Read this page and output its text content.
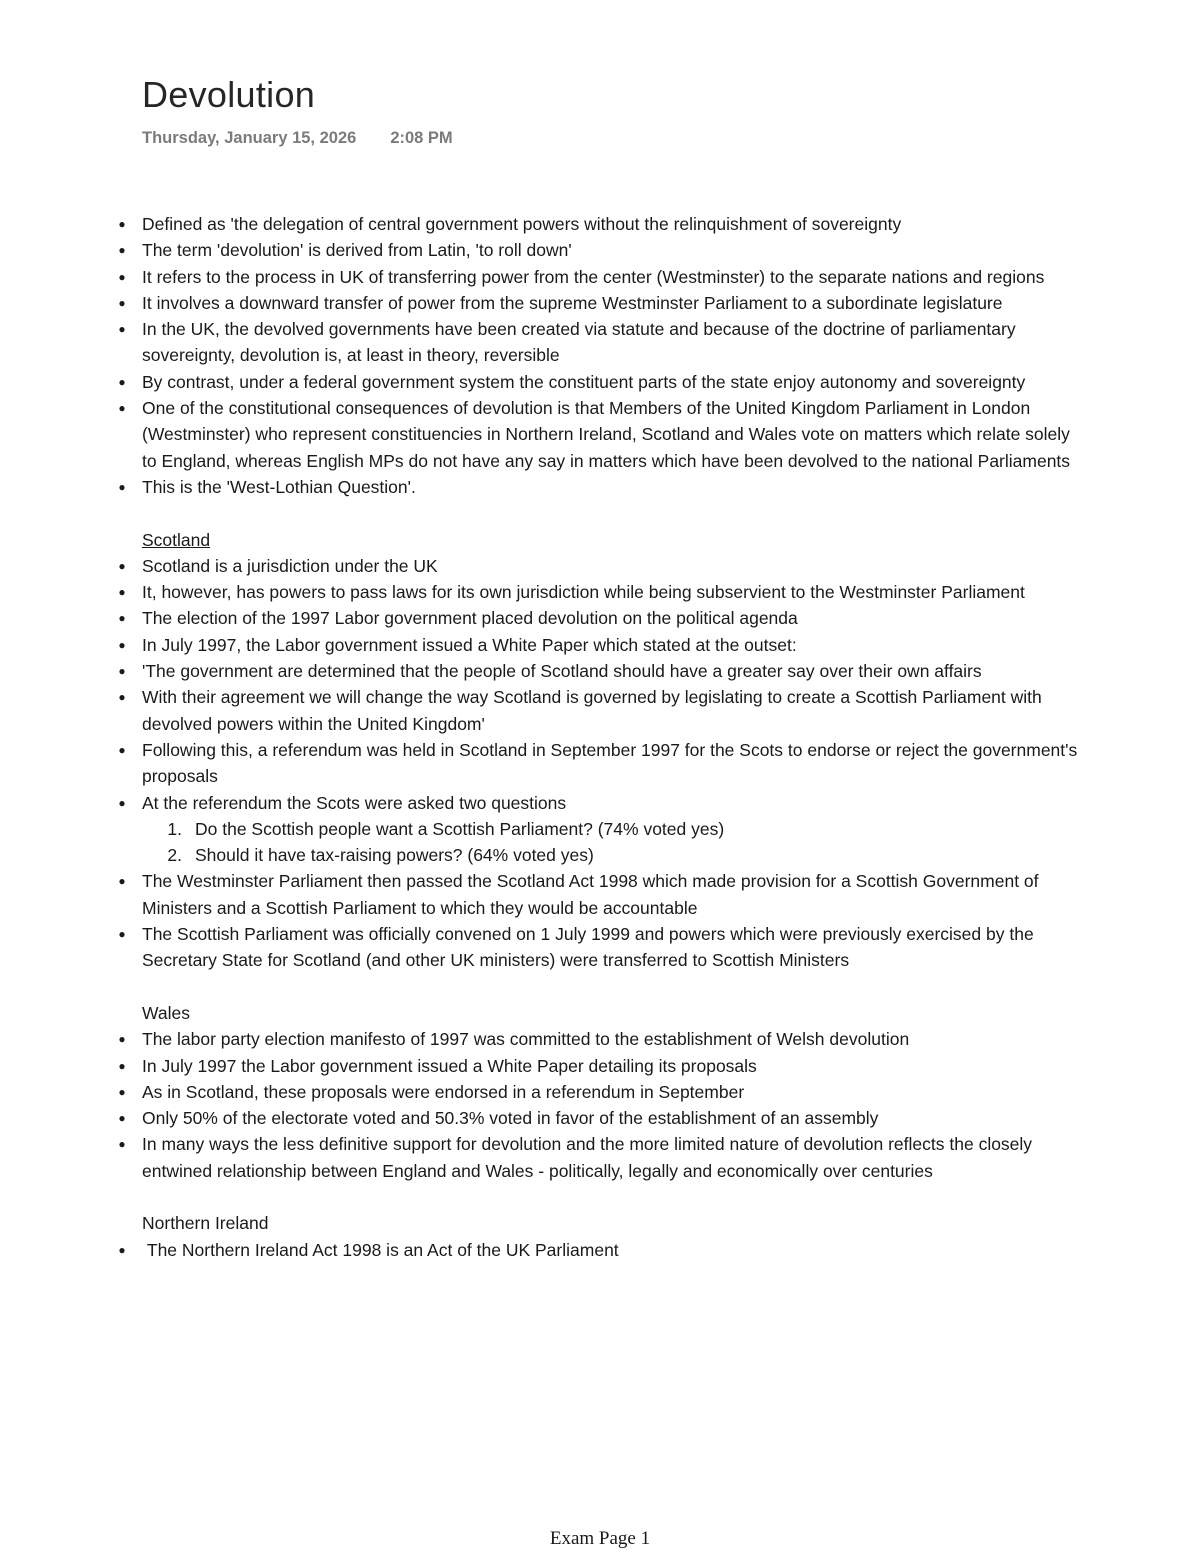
Devolution
Thursday, January 15, 2026 2:08 PM
● Defined as 'the delegation of central government powers without the relinquishment of sovereignty
● The term 'devolution' is derived from Latin, 'to roll down'
● It refers to the process in UK of transferring power from the center (Westminster) to the separate nations and regions
● It involves a downward transfer of power from the supreme Westminster Parliament to a subordinate legislature
● In the UK, the devolved governments have been created via statute and because of the doctrine of parliamentary sovereignty, devolution is, at least in theory, reversible
● By contrast, under a federal government system the constituent parts of the state enjoy autonomy and sovereignty
● One of the constitutional consequences of devolution is that Members of the United Kingdom Parliament in London (Westminster) who represent constituencies in Northern Ireland, Scotland and Wales vote on matters which relate solely to England, whereas English MPs do not have any say in matters which have been devolved to the national Parliaments
● This is the 'West-Lothian Question'.
Scotland
● Scotland is a jurisdiction under the UK
● It, however, has powers to pass laws for its own jurisdiction while being subservient to the Westminster Parliament
● The election of the 1997 Labor government placed devolution on the political agenda
● In July 1997, the Labor government issued a White Paper which stated at the outset:
● 'The government are determined that the people of Scotland should have a greater say over their own affairs
● With their agreement we will change the way Scotland is governed by legislating to create a Scottish Parliament with devolved powers within the United Kingdom'
● Following this, a referendum was held in Scotland in September 1997 for the Scots to endorse or reject the government's proposals
● At the referendum the Scots were asked two questions
1. Do the Scottish people want a Scottish Parliament? (74% voted yes)
2. Should it have tax-raising powers? (64% voted yes)
● The Westminster Parliament then passed the Scotland Act 1998 which made provision for a Scottish Government of Ministers and a Scottish Parliament to which they would be accountable
● The Scottish Parliament was officially convened on 1 July 1999 and powers which were previously exercised by the Secretary State for Scotland (and other UK ministers) were transferred to Scottish Ministers
Wales
● The labor party election manifesto of 1997 was committed to the establishment of Welsh devolution
● In July 1997 the Labor government issued a White Paper detailing its proposals
● As in Scotland, these proposals were endorsed in a referendum in September
● Only 50% of the electorate voted and 50.3% voted in favor of the establishment of an assembly
● In many ways the less definitive support for devolution and the more limited nature of devolution reflects the closely entwined relationship between England and Wales - politically, legally and economically over centuries
Northern Ireland
● The Northern Ireland Act 1998 is an Act of the UK Parliament
Exam Page 1
